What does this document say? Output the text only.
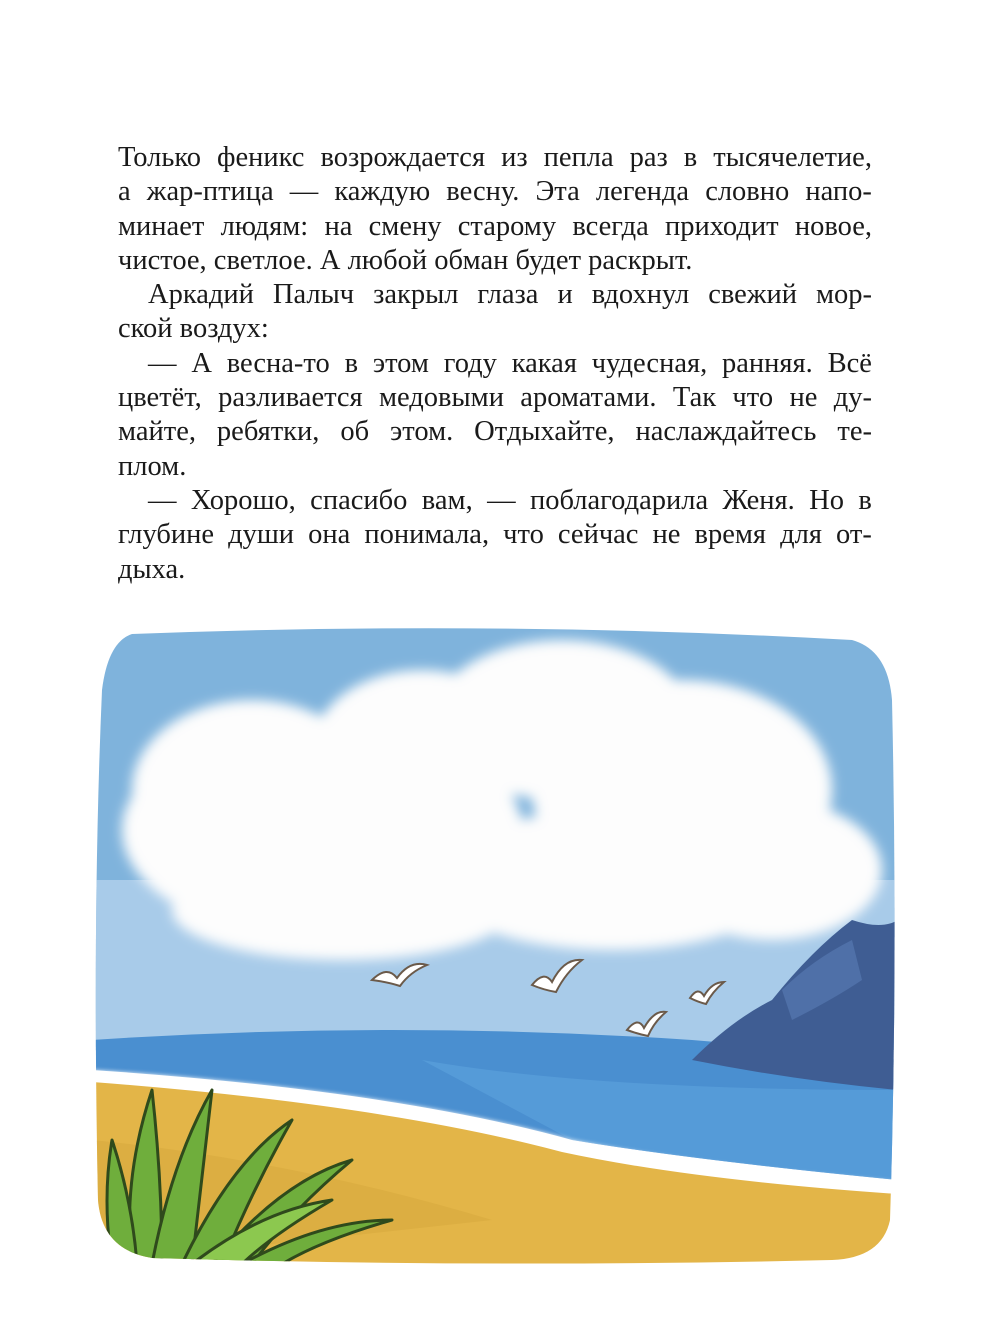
Только феникс возрождается из пепла раз в тысячелетие,
а жар-птица — каждую весну. Эта легенда словно напо-
минает людям: на смену старому всегда приходит новое,
чистое, светлое. А любой обман будет раскрыт.
Аркадий Палыч закрыл глаза и вдохнул свежий мор-
ской воздух:
— А весна-то в этом году какая чудесная, ранняя. Всё
цветёт, разливается медовыми ароматами. Так что не ду-
майте, ребятки, об этом. Отдыхайте, наслаждайтесь те-
плом.
— Хорошо, спасибо вам, — поблагодарила Женя. Но в
глубине души она понимала, что сейчас не время для от-
дыха.
